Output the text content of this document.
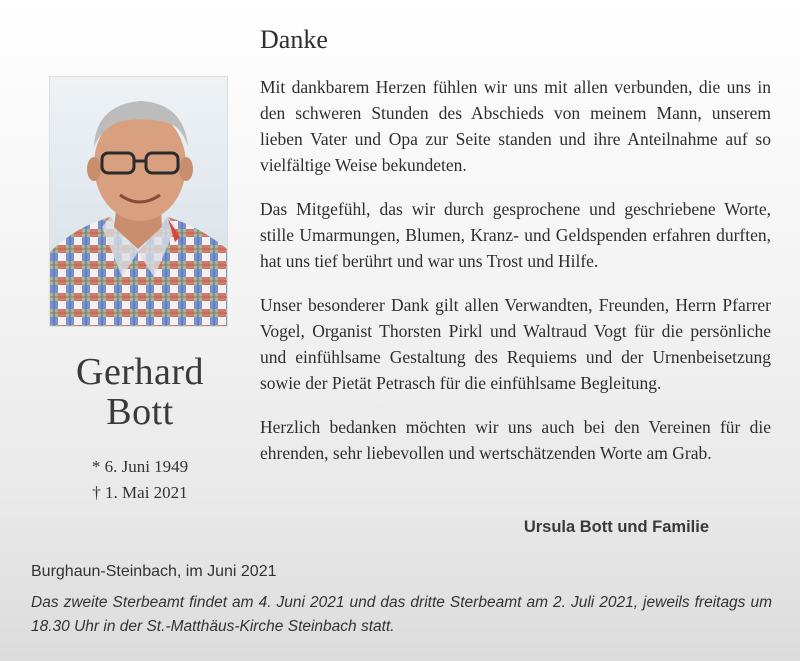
Gerhard
Bott
* 6. Juni 1949
† 1. Mai 2021
Danke

Mit dankbarem Herzen fühlen wir uns mit allen verbunden, die uns in den schweren Stunden des Abschieds von meinem Mann, unserem lieben Vater und Opa zur Seite standen und ihre Anteilnahme auf so vielfältige Weise bekundeten.

Das Mitgefühl, das wir durch gesprochene und geschriebene Worte, stille Umarmungen, Blumen, Kranz- und Geldspenden erfahren durften, hat uns tief berührt und war uns Trost und Hilfe.

Unser besonderer Dank gilt allen Verwandten, Freunden, Herrn Pfarrer Vogel, Organist Thorsten Pirkl und Waltraud Vogt für die persönliche und einfühlsame Gestaltung des Requiems und der Urnenbeisetzung sowie der Pietät Petrasch für die einfühlsame Begleitung.

Herzlich bedanken möchten wir uns auch bei den Vereinen für die ehrenden, sehr liebevollen und wertschätzenden Worte am Grab.

Ursula Bott und Familie
Burghaun-Steinbach, im Juni 2021
Das zweite Sterbeamt findet am 4. Juni 2021 und das dritte Sterbeamt am 2. Juli 2021, jeweils freitags um 18.30 Uhr in der St.-Matthäus-Kirche Steinbach statt.
